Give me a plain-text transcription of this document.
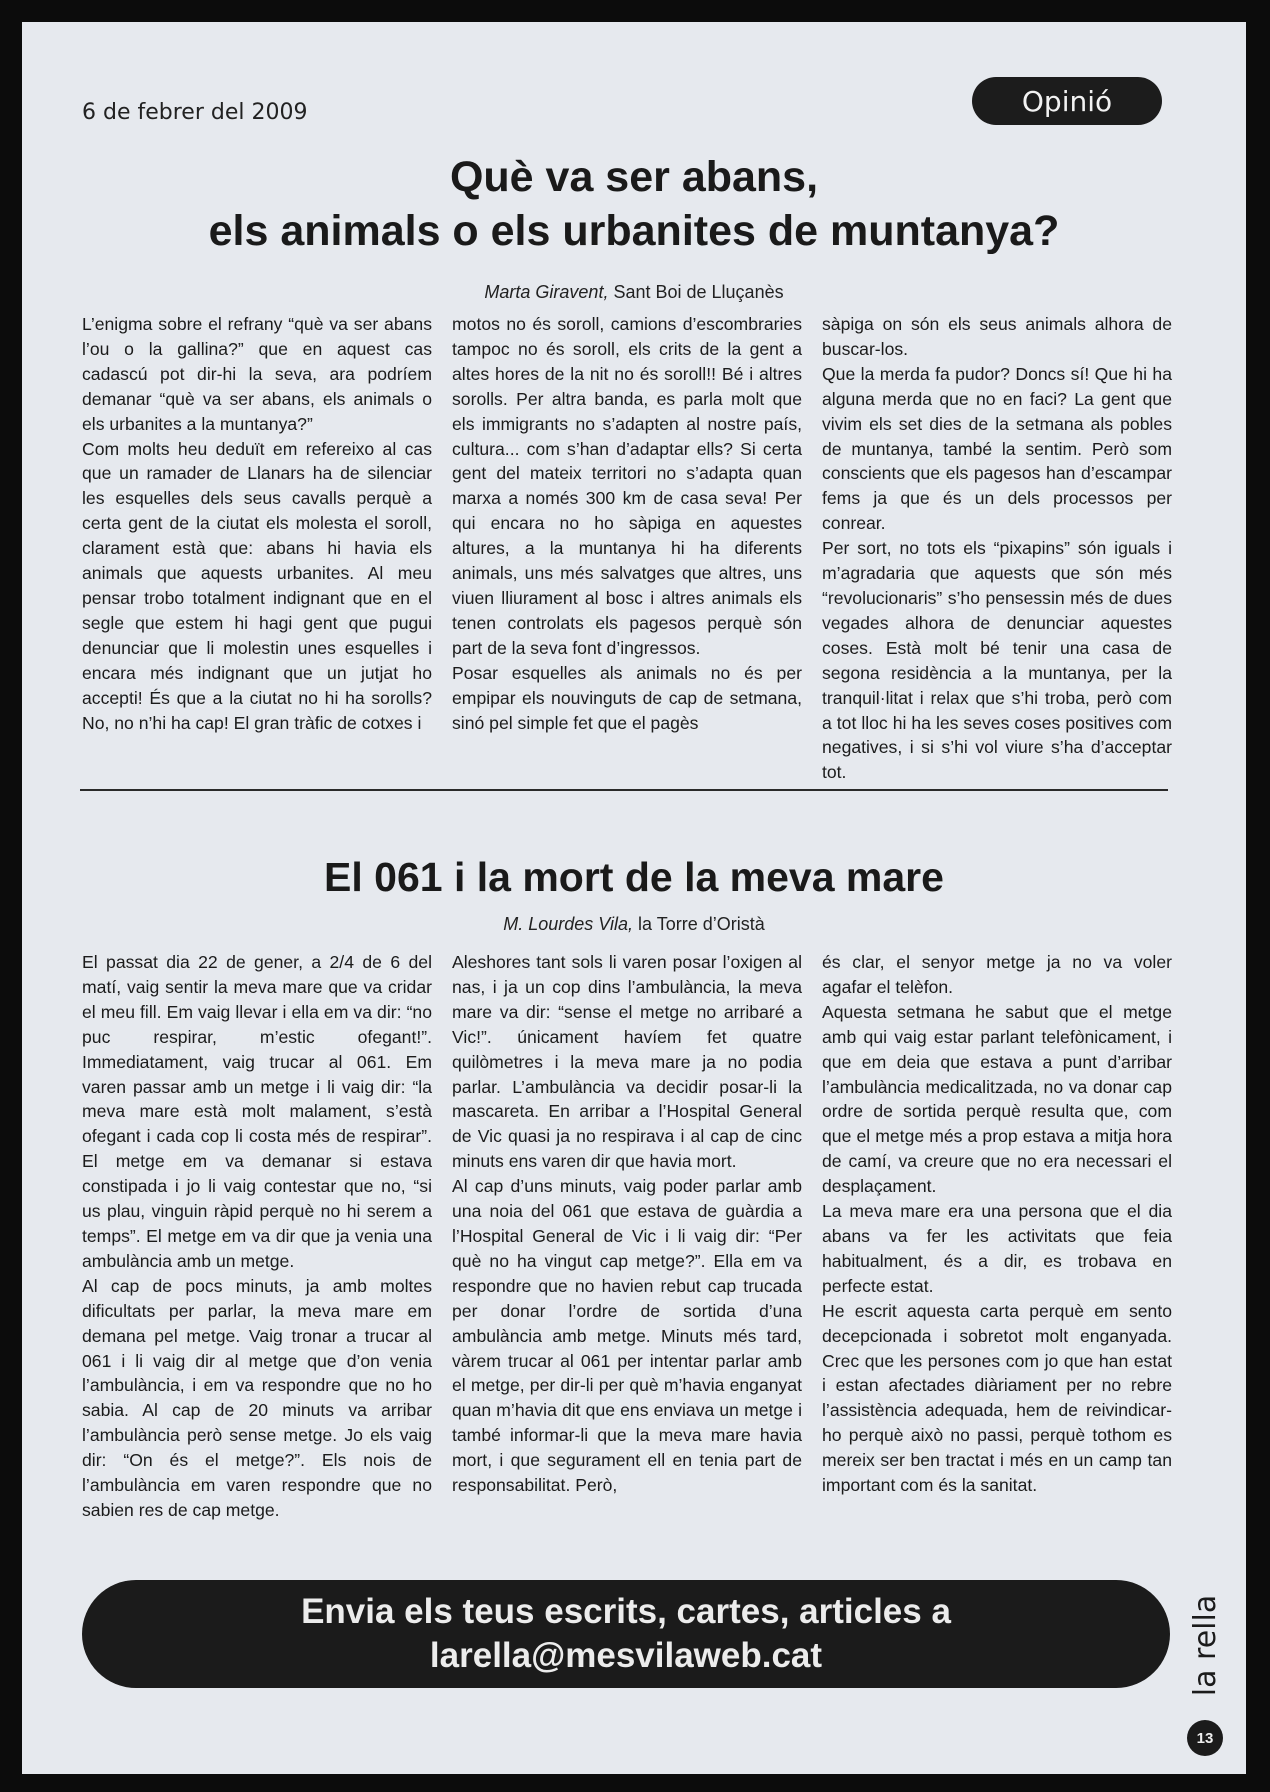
6 de febrer del 2009	Opinió
Què va ser abans,
els animals o els urbanites de muntanya?
Marta Giravent, Sant Boi de Lluçanès

L’enigma sobre el refrany “què va ser abans l’ou o la gallina?” que en aquest cas cadascú pot dir-hi la seva, ara podríem demanar “què va ser abans, els animals o els urbanites a la muntanya?”

Com molts heu deduït em refereixo al cas que un ramader de Llanars ha de silenciar les esquelles dels seus cavalls perquè a certa gent de la ciutat els molesta el soroll, clarament està que: abans hi havia els animals que aquests urbanites. Al meu pensar trobo totalment indignant que en el segle que estem hi hagi gent que pugui denunciar que li molestin unes esquelles i encara més indignant que un jutjat ho accepti! És que a la ciutat no hi ha sorolls? No, no n’hi ha cap! El gran tràfic de cotxes i

motos no és soroll, camions d’escombraries tampoc no és soroll, els crits de la gent a altes hores de la nit no és soroll!! Bé i altres sorolls. Per altra banda, es parla molt que els immigrants no s’adapten al nostre país, cultura... com s’han d’adaptar ells? Si certa gent del mateix territori no s’adapta quan marxa a només 300 km de casa seva! Per qui encara no ho sàpiga en aquestes altures, a la muntanya hi ha diferents animals, uns més salvatges que altres, uns viuen lliurament al bosc i altres animals els tenen controlats els pagesos perquè són part de la seva font d’ingressos.

Posar esquelles als animals no és per empipar els nouvinguts de cap de setmana, sinó pel simple fet que el pagès

sàpiga on són els seus animals alhora de buscar-los.

Que la merda fa pudor? Doncs sí! Que hi ha alguna merda que no en faci? La gent que vivim els set dies de la setmana als pobles de muntanya, també la sentim. Però som conscients que els pagesos han d’escampar fems ja que és un dels processos per conrear.

Per sort, no tots els “pixapins” són iguals i m’agradaria que aquests que són més “revolucionaris” s’ho pensessin més de dues vegades alhora de denunciar aquestes coses. Està molt bé tenir una casa de segona residència a la muntanya, per la tranquil·litat i relax que s’hi troba, però com a tot lloc hi ha les seves coses positives com negatives, i si s’hi vol viure s’ha d’acceptar tot.

El 061 i la mort de la meva mare
M. Lourdes Vila, la Torre d’Oristà

El passat dia 22 de gener, a 2/4 de 6 del matí, vaig sentir la meva mare que va cridar el meu fill. Em vaig llevar i ella em va dir: “no puc respirar, m’estic ofegant!”. Immediatament, vaig trucar al 061. Em varen passar amb un metge i li vaig dir: “la meva mare està molt malament, s’està ofegant i cada cop li costa més de respirar”. El metge em va demanar si estava constipada i jo li vaig contestar que no, “si us plau, vinguin ràpid perquè no hi serem a temps”. El metge em va dir que ja venia una ambulància amb un metge.

Al cap de pocs minuts, ja amb moltes dificultats per parlar, la meva mare em demana pel metge. Vaig tronar a trucar al 061 i li vaig dir al metge que d’on venia l’ambulància, i em va respondre que no ho sabia. Al cap de 20 minuts va arribar l’ambulància però sense metge. Jo els vaig dir: “On és el metge?”. Els nois de l’ambulància em varen respondre que no sabien res de cap metge.

Aleshores tant sols li varen posar l’oxigen al nas, i ja un cop dins l’ambulància, la meva mare va dir: “sense el metge no arribaré a Vic!”. únicament havíem fet quatre quilòmetres i la meva mare ja no podia parlar. L’ambulància va decidir posar-li la mascareta. En arribar a l’Hospital General de Vic quasi ja no respirava i al cap de cinc minuts ens varen dir que havia mort.

Al cap d’uns minuts, vaig poder parlar amb una noia del 061 que estava de guàrdia a l’Hospital General de Vic i li vaig dir: “Per què no ha vingut cap metge?”. Ella em va respondre que no havien rebut cap trucada per donar l’ordre de sortida d’una ambulància amb metge. Minuts més tard, vàrem trucar al 061 per intentar parlar amb el metge, per dir-li per què m’havia enganyat quan m’havia dit que ens enviava un metge i també informar-li que la meva mare havia mort, i que segurament ell en tenia part de responsabilitat. Però,

és clar, el senyor metge ja no va voler agafar el telèfon.

Aquesta setmana he sabut que el metge amb qui vaig estar parlant telefònicament, i que em deia que estava a punt d’arribar l’ambulància medicalitzada, no va donar cap ordre de sortida perquè resulta que, com que el metge més a prop estava a mitja hora de camí, va creure que no era necessari el desplaçament.

La meva mare era una persona que el dia abans va fer les activitats que feia habitualment, és a dir, es trobava en perfecte estat.

He escrit aquesta carta perquè em sento decepcionada i sobretot molt enganyada. Crec que les persones com jo que han estat i estan afectades diàriament per no rebre l’assistència adequada, hem de reivindicar-ho perquè això no passi, perquè tothom es mereix ser ben tractat i més en un camp tan important com és la sanitat.

Envia els teus escrits, cartes, articles a
larella@mesvilaweb.cat	la rella
13
